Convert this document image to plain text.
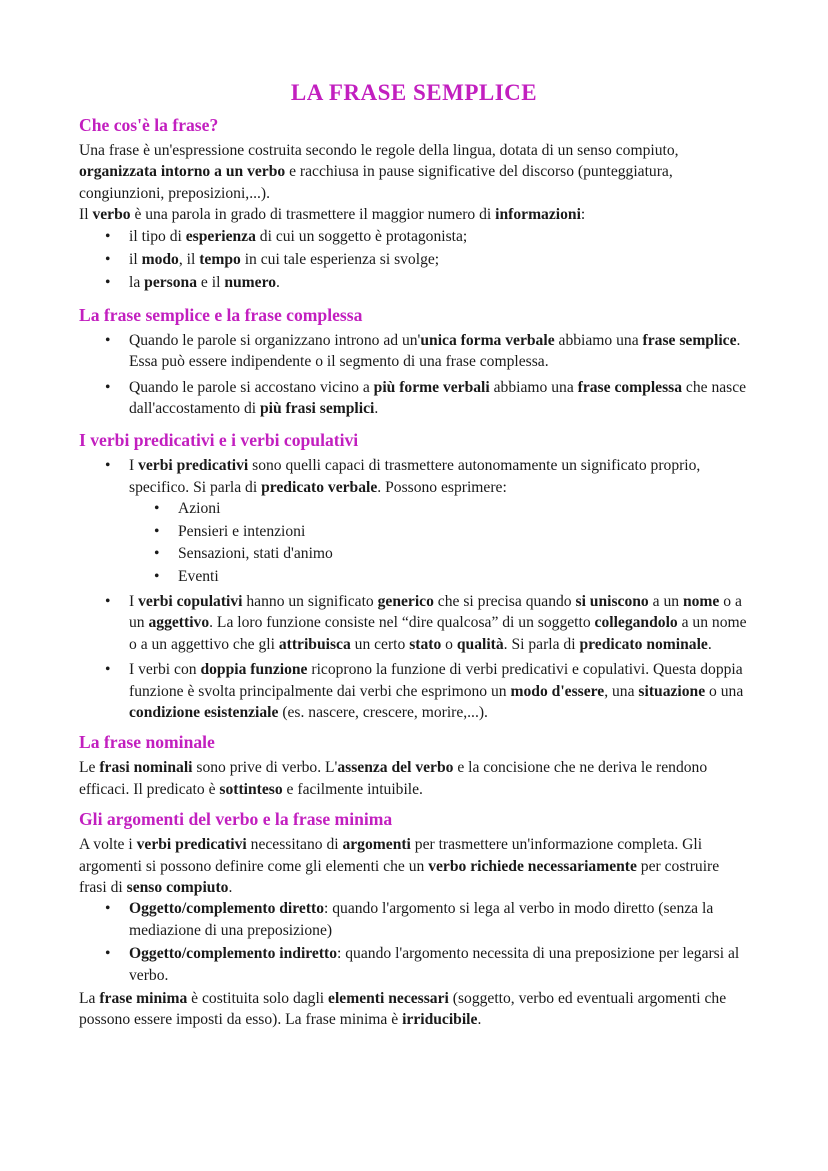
LA FRASE SEMPLICE
Che cos'è la frase?

Una frase è un'espressione costruita secondo le regole della lingua, dotata di un senso compiuto, organizzata intorno a un verbo e racchiusa in pause significative del discorso (punteggiatura, congiunzioni, preposizioni,...).

Il verbo è una parola in grado di trasmettere il maggior numero di informazioni:

• il tipo di esperienza di cui un soggetto è protagonista;
• il modo, il tempo in cui tale esperienza si svolge;
• la persona e il numero.
La frase semplice e la frase complessa
• Quando le parole si organizzano introno ad un'unica forma verbale abbiamo una frase semplice. Essa può essere indipendente o il segmento di una frase complessa.
• Quando le parole si accostano vicino a più forme verbali abbiamo una frase complessa che nasce dall'accostamento di più frasi semplici.
I verbi predicativi e i verbi copulativi
• I verbi predicativi sono quelli capaci di trasmettere autonomamente un significato proprio, specifico. Si parla di predicato verbale. Possono esprimere:
• Azioni
• Pensieri e intenzioni
• Sensazioni, stati d'animo
• Eventi
• I verbi copulativi hanno un significato generico che si precisa quando si uniscono a un nome o a un aggettivo. La loro funzione consiste nel “dire qualcosa” di un soggetto collegandolo a un nome o a un aggettivo che gli attribuisca un certo stato o qualità. Si parla di predicato nominale.
• I verbi con doppia funzione ricoprono la funzione di verbi predicativi e copulativi. Questa doppia funzione è svolta principalmente dai verbi che esprimono un modo d'essere, una situazione o una condizione esistenziale (es. nascere, crescere, morire,...).
La frase nominale

Le frasi nominali sono prive di verbo. L'assenza del verbo e la concisione che ne deriva le rendono efficaci. Il predicato è sottinteso e facilmente intuibile.

Gli argomenti del verbo e la frase minima

A volte i verbi predicativi necessitano di argomenti per trasmettere un'informazione completa. Gli argomenti si possono definire come gli elementi che un verbo richiede necessariamente per costruire frasi di senso compiuto.

• Oggetto/complemento diretto: quando l'argomento si lega al verbo in modo diretto (senza la mediazione di una preposizione)
• Oggetto/complemento indiretto: quando l'argomento necessita di una preposizione per legarsi al verbo.

La frase minima è costituita solo dagli elementi necessari (soggetto, verbo ed eventuali argomenti che possono essere imposti da esso). La frase minima è irriducibile.
